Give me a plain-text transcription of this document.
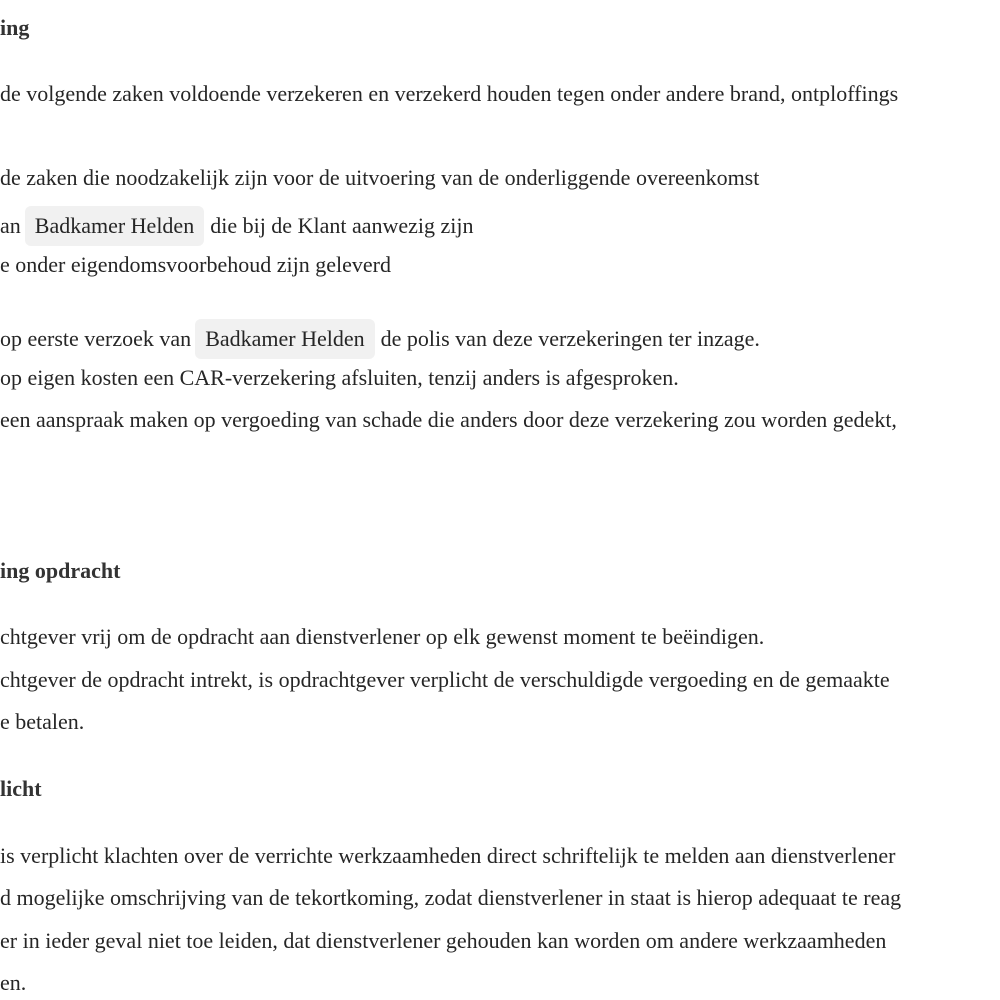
ing
de volgende zaken voldoende verzekeren en verzekerd houden tegen onder andere brand, ontploffings
de zaken die noodzakelijk zijn voor de uitvoering van de onderliggende overeenkomst
an Badkamer Helden die bij de Klant aanwezig zijn
e onder eigendomsvoorbehoud zijn geleverd
op eerste verzoek van Badkamer Helden de polis van deze verzekeringen ter inzage.
op eigen kosten een CAR-verzekering afsluiten, tenzij anders is afgesproken.
een aanspraak maken op vergoeding van schade die anders door deze verzekering zou worden gedekt,
ing opdracht
chtgever vrij om de opdracht aan dienstverlener op elk gewenst moment te beëindigen.
chtgever de opdracht intrekt, is opdrachtgever verplicht de verschuldigde vergoeding en de gemaakte
e betalen.
licht
is verplicht klachten over de verrichte werkzaamheden direct schriftelijk te melden aan dienstverlener
d mogelijke omschrijving van de tekortkoming, zodat dienstverlener in staat is hierop adequaat te reag
er in ieder geval niet toe leiden, dat dienstverlener gehouden kan worden om andere werkzaamheden
en.
